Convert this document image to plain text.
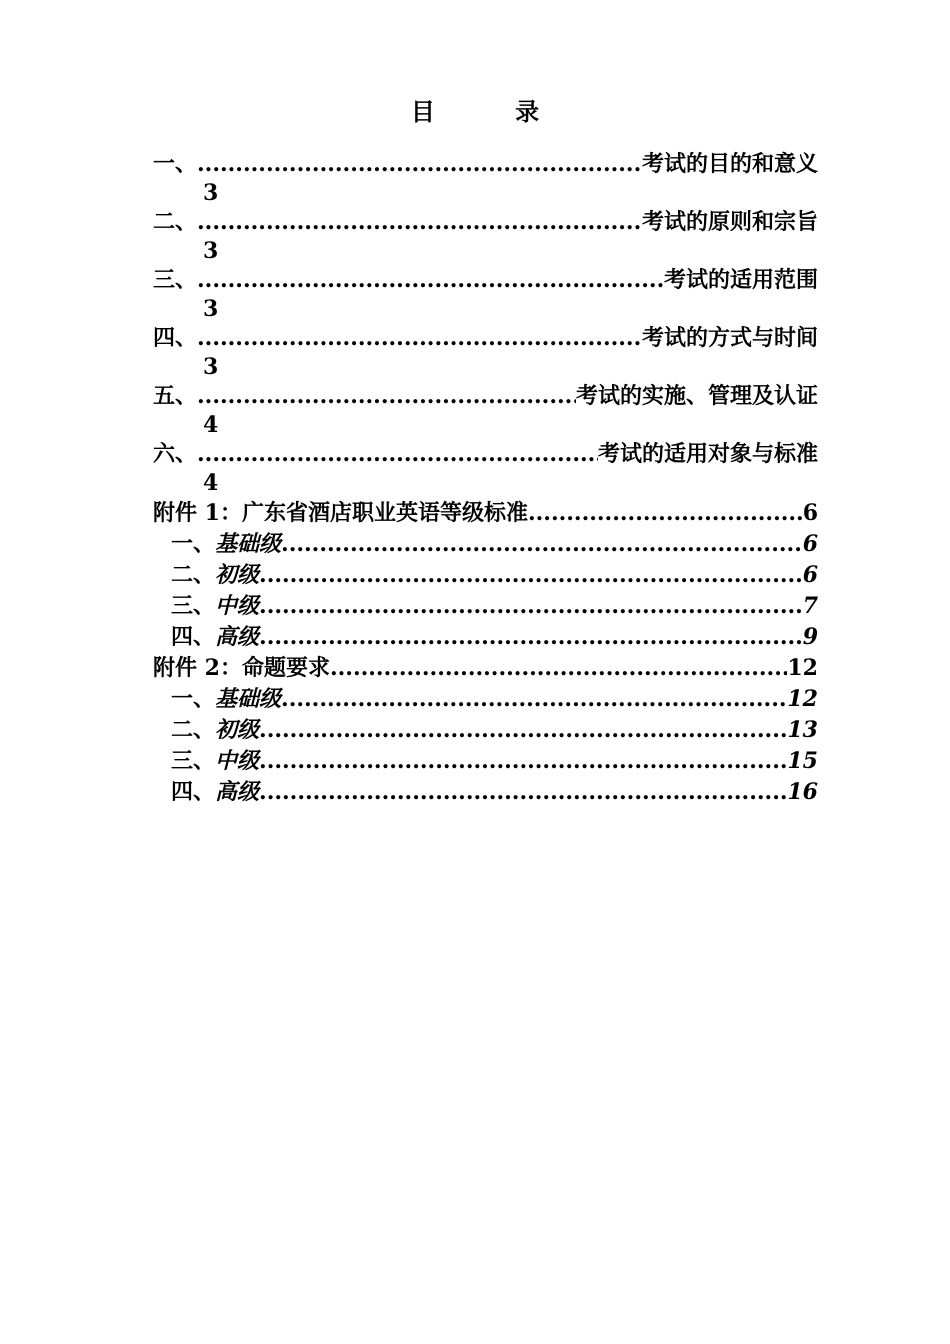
目 录
一、 .....	考试的目的和意义
3
二、 .....	考试的原则和宗旨
3
三、 .....	考试的适用范围
3
四、 .....	考试的方式与时间
3
五、 .....	考试的实施、管理及认证
4
六、 .....	考试的适用对象与标准
4
附件 1：广东省酒店职业英语等级标准 .....	6
一、 基础级 .....	6
二、 初级 .....	6
三、 中级 .....	7
四、 高级 .....	9
附件 2：命题要求 .....	12
一、 基础级 .....	12
二、 初级 .....	13
三、 中级 .....	15
四、 高级 .....	16
